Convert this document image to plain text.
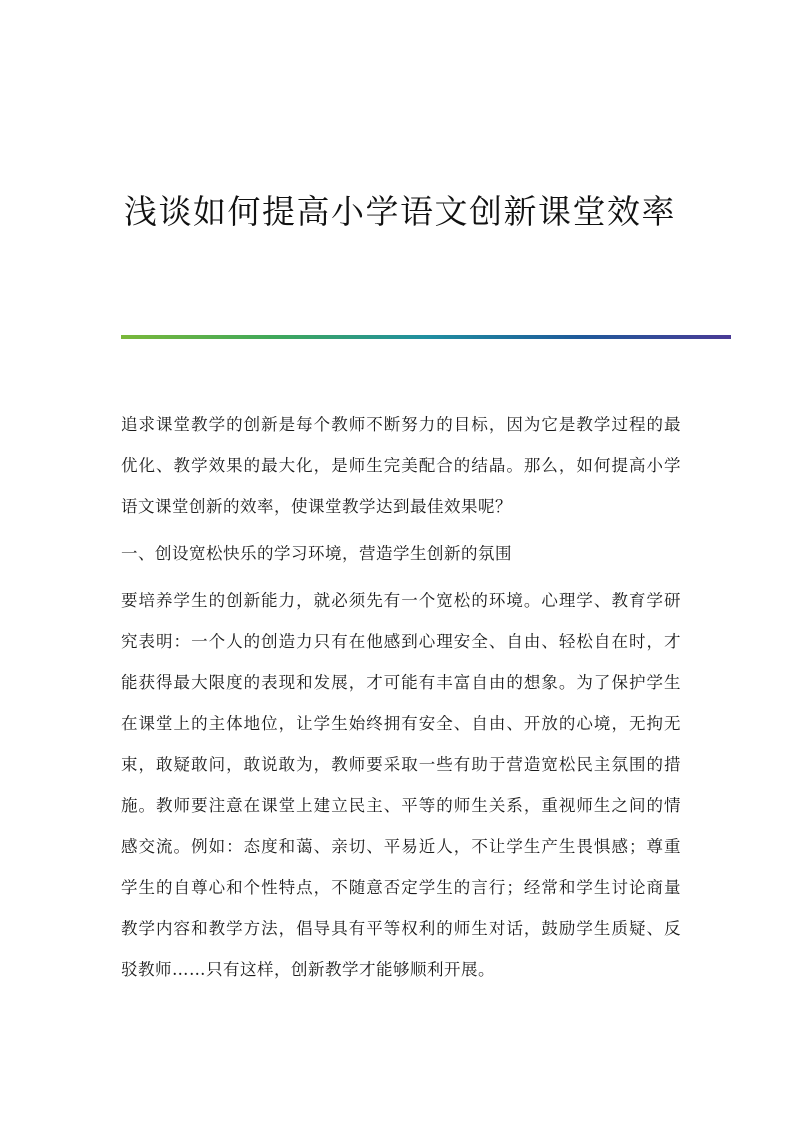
浅谈如何提高小学语文创新课堂效率

追求课堂教学的创新是每个教师不断努力的目标，因为它是教学过程的最优化、教学效果的最大化，是师生完美配合的结晶。那么，如何提高小学语文课堂创新的效率，使课堂教学达到最佳效果呢？

一、创设宽松快乐的学习环境，营造学生创新的氛围

要培养学生的创新能力，就必须先有一个宽松的环境。心理学、教育学研究表明：一个人的创造力只有在他感到心理安全、自由、轻松自在时，才能获得最大限度的表现和发展，才可能有丰富自由的想象。为了保护学生在课堂上的主体地位，让学生始终拥有安全、自由、开放的心境，无拘无束，敢疑敢问，敢说敢为，教师要采取一些有助于营造宽松民主氛围的措施。教师要注意在课堂上建立民主、平等的师生关系，重视师生之间的情感交流。例如：态度和蔼、亲切、平易近人，不让学生产生畏惧感；尊重学生的自尊心和个性特点，不随意否定学生的言行；经常和学生讨论商量教学内容和教学方法，倡导具有平等权利的师生对话，鼓励学生质疑、反驳教师……只有这样，创新教学才能够顺利开展。
